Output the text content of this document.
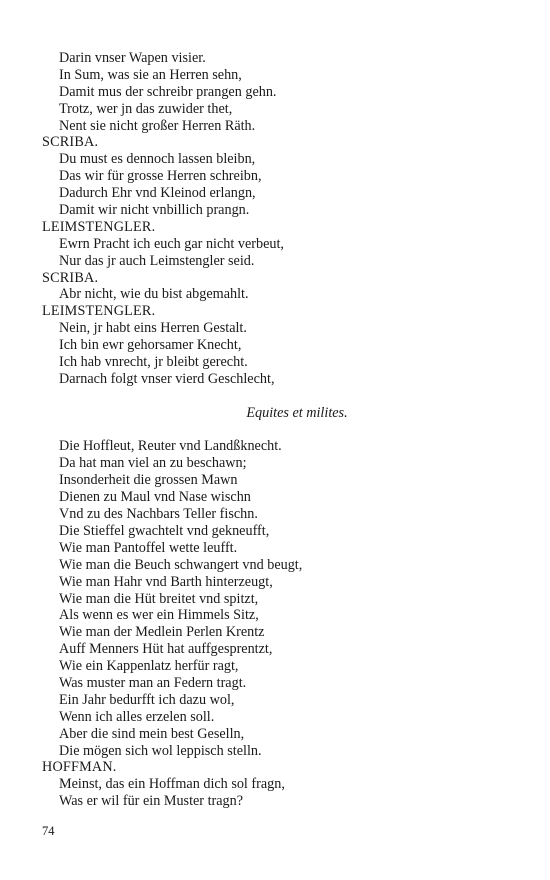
Darin vnser Wapen visier.
In Sum, was sie an Herren sehn,
Damit mus der schreibr prangen gehn.
Trotz, wer jn das zuwider thet,
Nent sie nicht großer Herren Räth.
SCRIBA.
Du must es dennoch lassen bleibn,
Das wir für grosse Herren schreibn,
Dadurch Ehr vnd Kleinod erlangn,
Damit wir nicht vnbillich prangn.
LEIMSTENGLER.
Ewrn Pracht ich euch gar nicht verbeut,
Nur das jr auch Leimstengler seid.
SCRIBA.
Abr nicht, wie du bist abgemahlt.
LEIMSTENGLER.
Nein, jr habt eins Herren Gestalt.
Ich bin ewr gehorsamer Knecht,
Ich hab vnrecht, jr bleibt gerecht.
Darnach folgt vnser vierd Geschlecht,
Equites et milites.
Die Hoffleut, Reuter vnd Landßknecht.
Da hat man viel an zu beschawn;
Insonderheit die grossen Mawn
Dienen zu Maul vnd Nase wischn
Vnd zu des Nachbars Teller fischn.
Die Stieffel gwachtelt vnd gekneufft,
Wie man Pantoffel wette leufft.
Wie man die Beuch schwangert vnd beugt,
Wie man Hahr vnd Barth hinterzeugt,
Wie man die Hüt breitet vnd spitzt,
Als wenn es wer ein Himmels Sitz,
Wie man der Medlein Perlen Krentz
Auff Menners Hüt hat auffgesprentzt,
Wie ein Kappenlatz herfür ragt,
Was muster man an Federn tragt.
Ein Jahr bedurfft ich dazu wol,
Wenn ich alles erzelen soll.
Aber die sind mein best Geselln,
Die mögen sich wol leppisch stelln.
HOFFMAN.
Meinst, das ein Hoffman dich sol fragn,
Was er wil für ein Muster tragn?
74
